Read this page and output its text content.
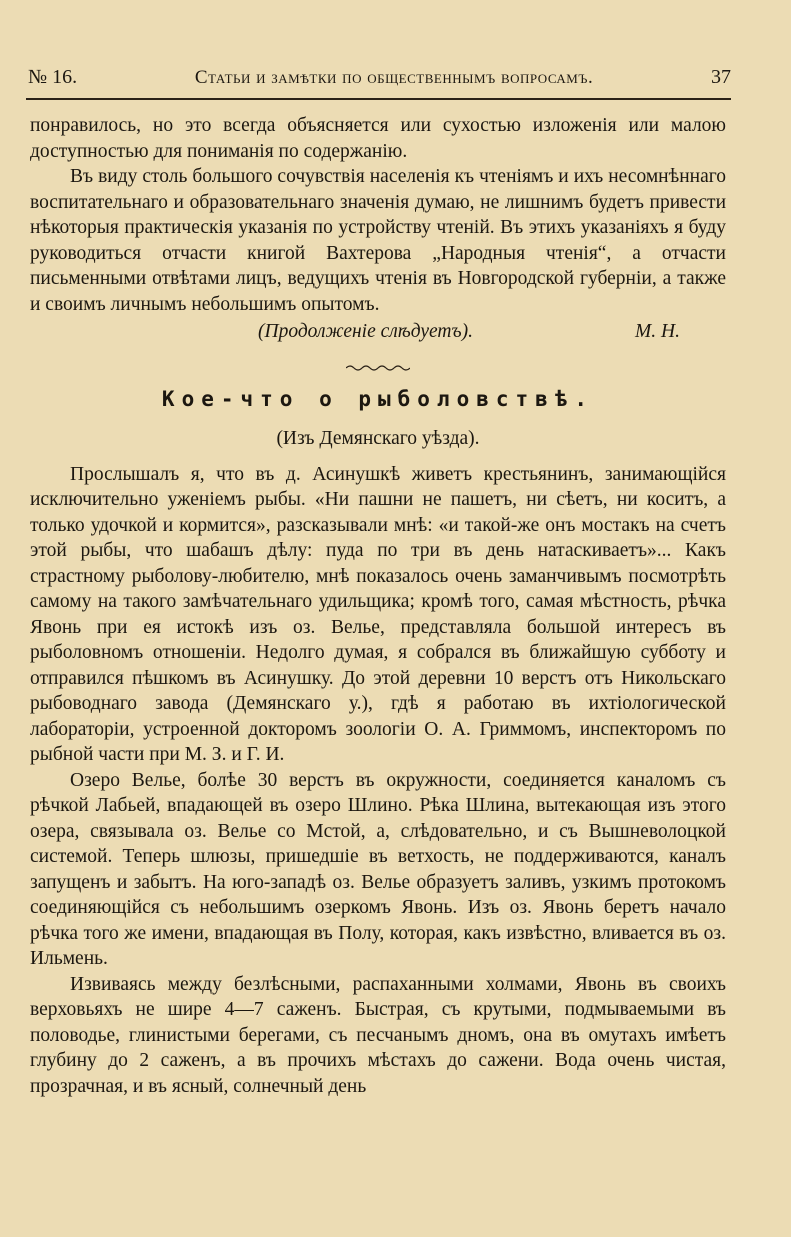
№ 16.	Статьи и замѣтки по общественнымъ вопросамъ.	37

понравилось, но это всегда объясняется или сухостью изложенія или малою доступностью для пониманія по содержанію.

Въ виду столь большого сочувствія населенія къ чтеніямъ и ихъ несомнѣннаго воспитательнаго и образовательнаго значенія думаю, не лишнимъ будетъ привести нѣкоторыя практическія указанія по устройству чтеній. Въ этихъ указаніяхъ я буду руководиться отчасти книгой Вахтерова „Народныя чтенія“, а отчасти письменными отвѣтами лицъ, ведущихъ чтенія въ Новгородской губерніи, а также и своимъ личнымъ небольшимъ опытомъ.

(Продолженіе слѣдуетъ).	М. Н.
Кое-что о рыболовствѣ.
(Изъ Демянскаго уѣзда).

Прослышалъ я, что въ д. Асинушкѣ живетъ крестьянинъ, занимающійся исключительно уженіемъ рыбы. «Ни пашни не пашетъ, ни сѣетъ, ни коситъ, а только удочкой и кормится», разсказывали мнѣ: «и такой-же онъ мостакъ на счетъ этой рыбы, что шабашъ дѣлу: пуда по три въ день натаскиваетъ»... Какъ страстному рыболову-любителю, мнѣ показалось очень заманчивымъ посмотрѣть самому на такого замѣчательнаго удильщика; кромѣ того, самая мѣстность, рѣчка Явонь при ея истокѣ изъ оз. Велье, представляла большой интересъ въ рыболовномъ отношеніи. Недолго думая, я собрался въ ближайшую субботу и отправился пѣшкомъ въ Асинушку. До этой деревни 10 верстъ отъ Никольскаго рыбоводнаго завода (Демянскаго у.), гдѣ я работаю въ ихтіологической лабораторіи, устроенной докторомъ зоологіи О. А. Гриммомъ, инспекторомъ по рыбной части при М. З. и Г. И.

Озеро Велье, болѣе 30 верстъ въ окружности, соединяется каналомъ съ рѣчкой Лабьей, впадающей въ озеро Шлино. Рѣка Шлина, вытекающая изъ этого озера, связывала оз. Велье со Мстой, а, слѣдовательно, и съ Вышневолоцкой системой. Теперь шлюзы, пришедшіе въ ветхость, не поддерживаются, каналъ запущенъ и забытъ. На юго-западѣ оз. Велье образуетъ заливъ, узкимъ протокомъ соединяющійся съ небольшимъ озеркомъ Явонь. Изъ оз. Явонь беретъ начало рѣчка того же имени, впадающая въ Полу, которая, какъ извѣстно, вливается въ оз. Ильмень.

Извиваясь между безлѣсными, распаханными холмами, Явонь въ своихъ верховьяхъ не шире 4—7 саженъ. Быстрая, съ крутыми, подмываемыми въ половодье, глинистыми берегами, съ песчанымъ дномъ, она въ омутахъ имѣетъ глубину до 2 саженъ, а въ прочихъ мѣстахъ до сажени. Вода очень чистая, прозрачная, и въ ясный, солнечный день
